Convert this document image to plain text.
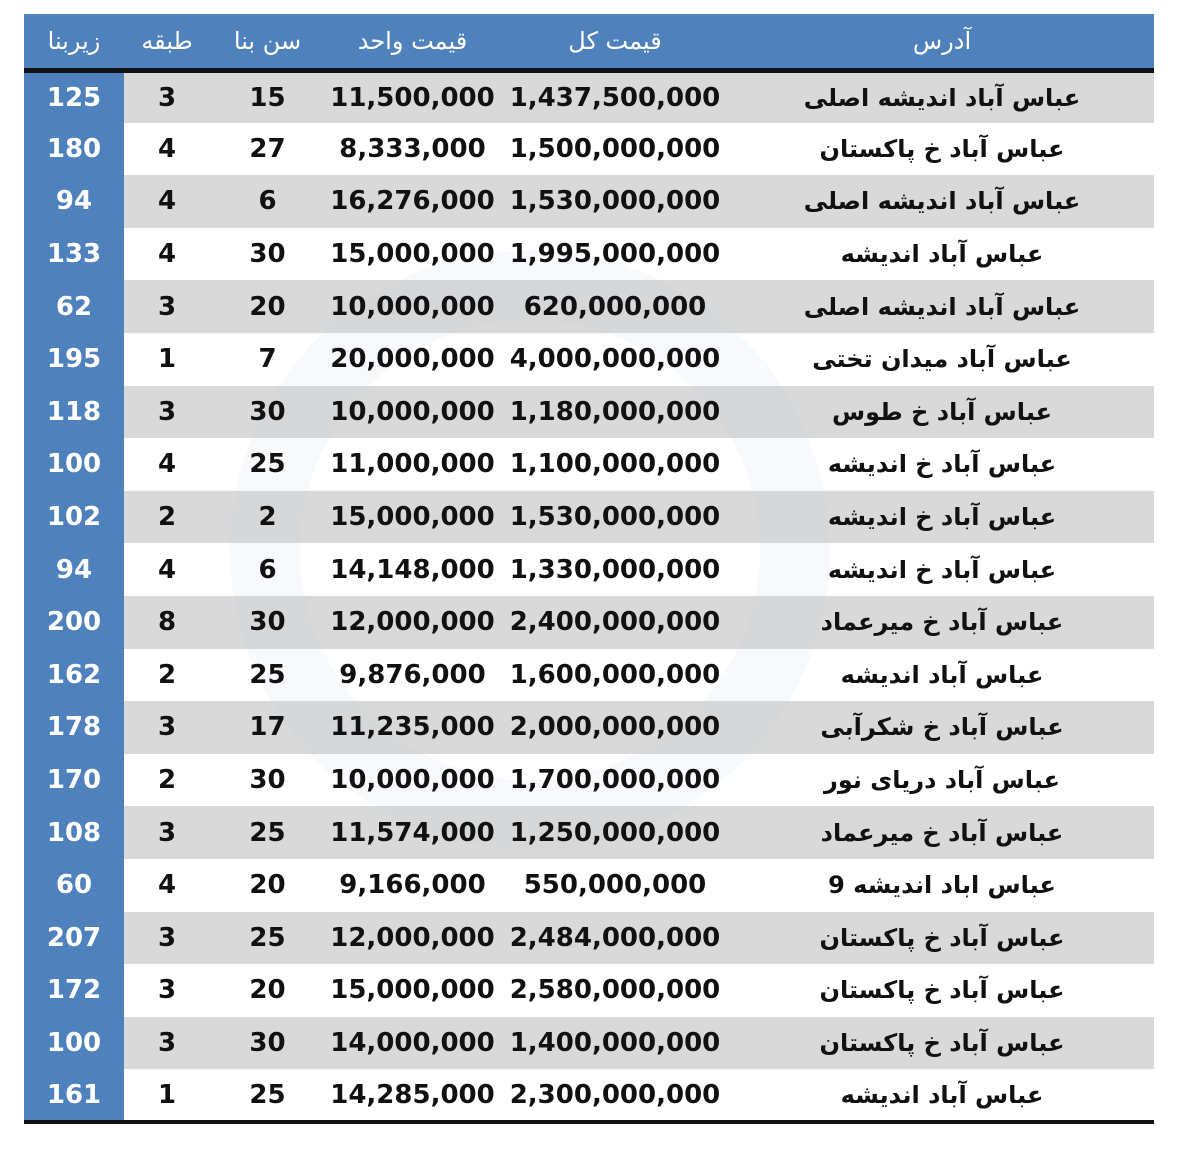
زیربنا	طبقه	سن بنا	قیمت واحد	قیمت کل	آدرس
125	3	15	11,500,000	1,437,500,000	عباس آباد اندیشه اصلی
180	4	27	8,333,000	1,500,000,000	عباس آباد خ پاکستان
94	4	6	16,276,000	1,530,000,000	عباس آباد اندیشه اصلی
133	4	30	15,000,000	1,995,000,000	عباس آباد اندیشه
62	3	20	10,000,000	620,000,000	عباس آباد اندیشه اصلی
195	1	7	20,000,000	4,000,000,000	عباس آباد میدان تختی
118	3	30	10,000,000	1,180,000,000	عباس آباد خ طوس
100	4	25	11,000,000	1,100,000,000	عباس آباد خ اندیشه
102	2	2	15,000,000	1,530,000,000	عباس آباد خ اندیشه
94	4	6	14,148,000	1,330,000,000	عباس آباد خ اندیشه
200	8	30	12,000,000	2,400,000,000	عباس آباد خ میرعماد
162	2	25	9,876,000	1,600,000,000	عباس آباد اندیشه
178	3	17	11,235,000	2,000,000,000	عباس آباد خ شکرآبی
170	2	30	10,000,000	1,700,000,000	عباس آباد دریای نور
108	3	25	11,574,000	1,250,000,000	عباس آباد خ میرعماد
60	4	20	9,166,000	550,000,000	عباس اباد اندیشه 9
207	3	25	12,000,000	2,484,000,000	عباس آباد خ پاکستان
172	3	20	15,000,000	2,580,000,000	عباس آباد خ پاکستان
100	3	30	14,000,000	1,400,000,000	عباس آباد خ پاکستان
161	1	25	14,285,000	2,300,000,000	عباس آباد اندیشه
